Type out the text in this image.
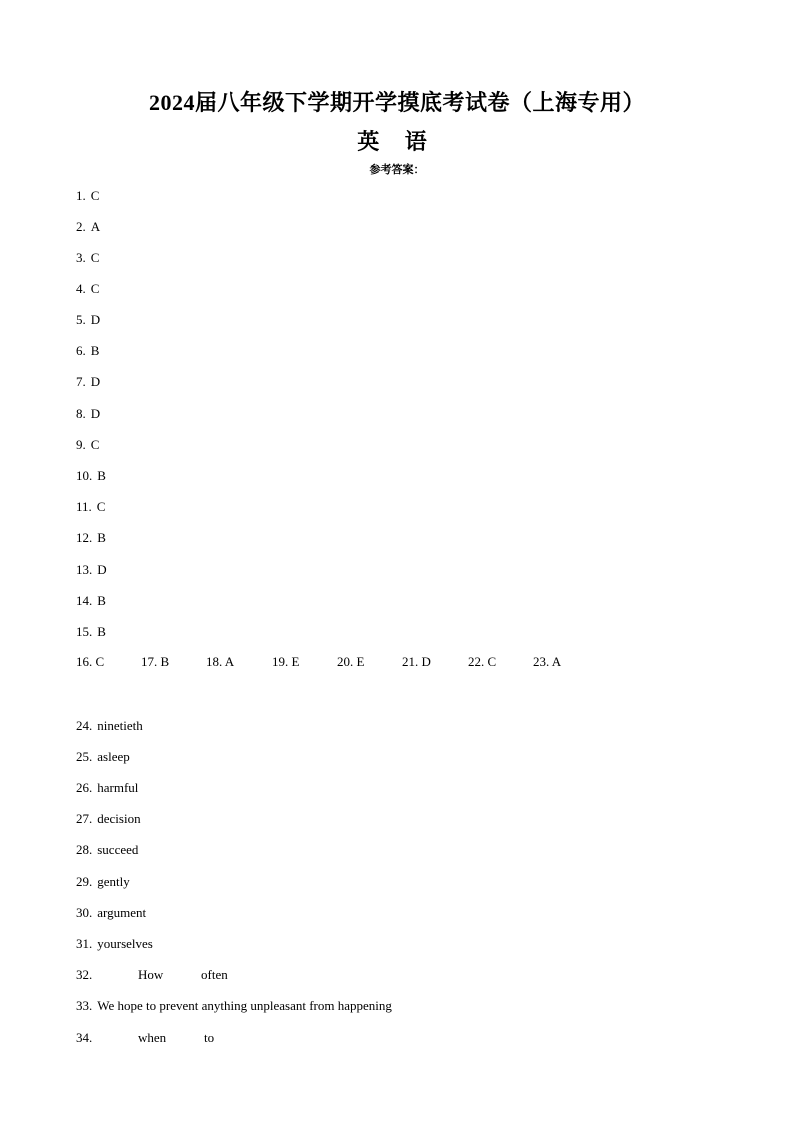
2024届八年级下学期开学摸底考试卷（上海专用）
英 语
参考答案：
1. C
2. A
3. C
4. C
5. D
6. B
7. D
8. D
9. C
10. B
11. C
12. B
13. D
14. B
15. B
16. C	17. B	18. A	19. E	20. E	21. D	22. C	23. A
24. ninetieth
25. asleep
26. harmful
27. decision
28. succeed
29. gently
30. argument
31. yourselves
32.	How	often
33. We hope to prevent anything unpleasant from happening
34.	when	to
